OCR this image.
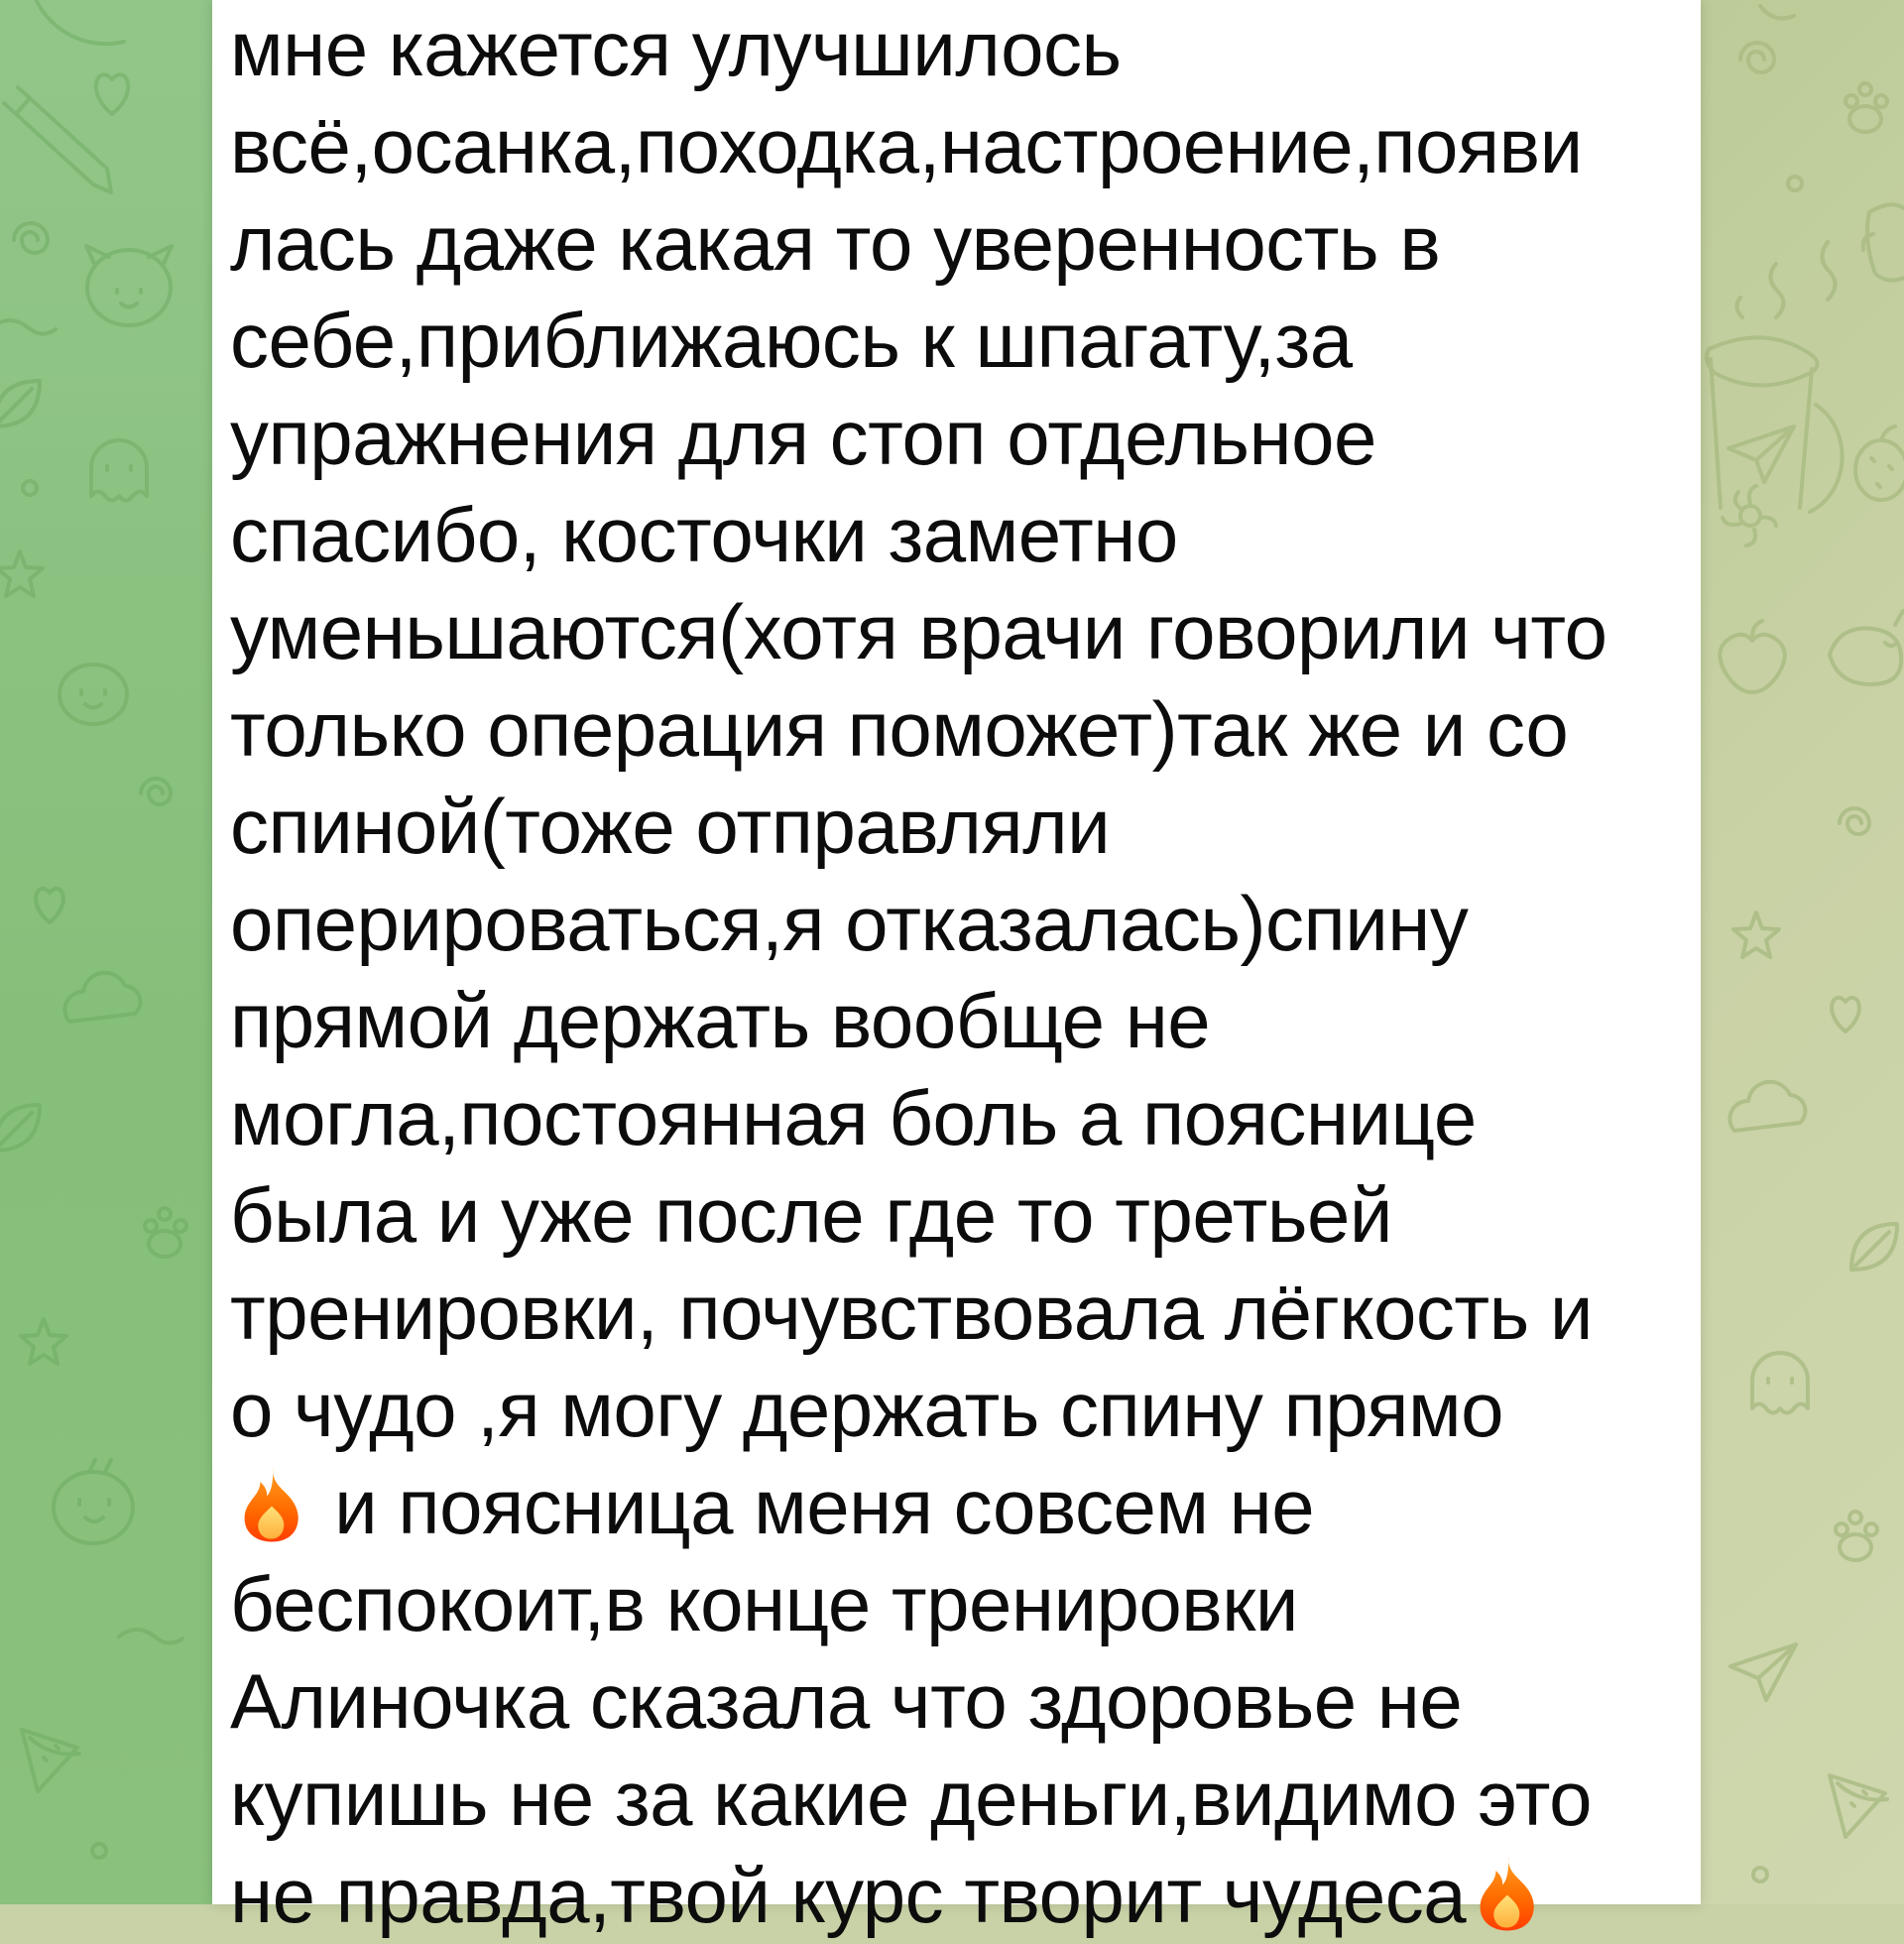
мне кажется улучшилось
всё,осанка,походка,настроение,появи
лась даже какая то уверенность в
себе,приближаюсь к шпагату,за
упражнения для стоп отдельное
спасибо, косточки заметно
уменьшаются(хотя врачи говорили что
только операция поможет)так же и со
спиной(тоже отправляли
оперироваться,я отказалась)спину
прямой держать вообще не
могла,постоянная боль а пояснице
была и уже после где то третьей
тренировки, почувствовала лёгкость и
о чудо ,я могу держать спину прямо
и поясница меня совсем не
беспокоит,в конце тренировки
Алиночка сказала что здоровье не
купишь не за какие деньги,видимо это
не правда,твой курс творит чудеса
